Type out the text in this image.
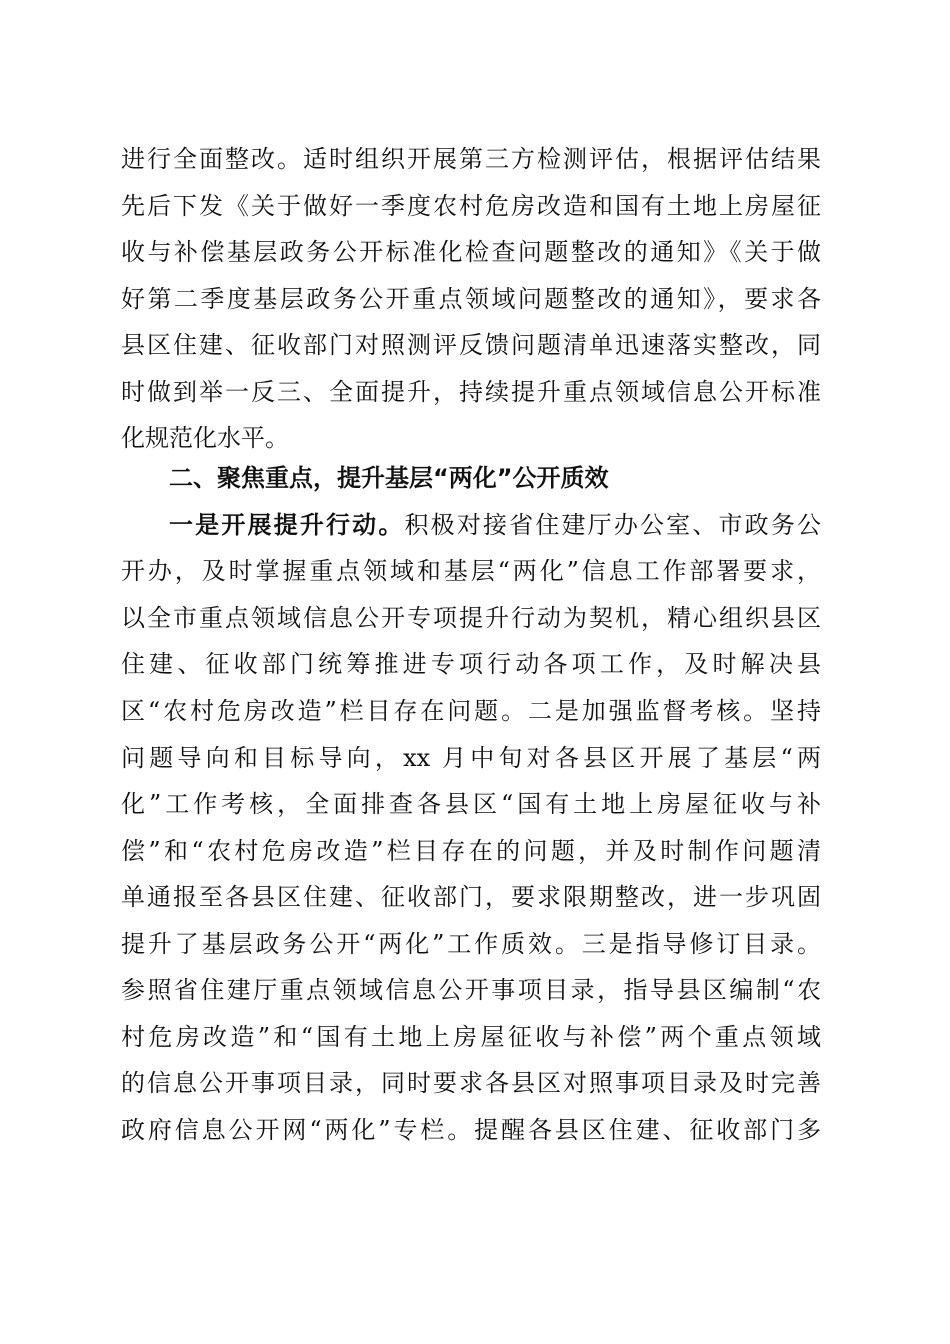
进行全面整改。适时组织开展第三方检测评估，根据评估结果
先后下发《关于做好一季度农村危房改造和国有土地上房屋征
收与补偿基层政务公开标准化检查问题整改的通知》《关于做
好第二季度基层政务公开重点领域问题整改的通知》，要求各
县区住建、征收部门对照测评反馈问题清单迅速落实整改，同
时做到举一反三、全面提升，持续提升重点领域信息公开标准
化规范化水平。
二、聚焦重点，提升基层“两化”公开质效
一是开展提升行动。积极对接省住建厅办公室、市政务公
开办，及时掌握重点领域和基层“两化”信息工作部署要求，
以全市重点领域信息公开专项提升行动为契机，精心组织县区
住建、征收部门统筹推进专项行动各项工作，及时解决县
区“农村危房改造”栏目存在问题。二是加强监督考核。坚持
问题导向和目标导向，xx 月中旬对各县区开展了基层“两
化”工作考核，全面排查各县区“国有土地上房屋征收与补
偿”和“农村危房改造”栏目存在的问题，并及时制作问题清
单通报至各县区住建、征收部门，要求限期整改，进一步巩固
提升了基层政务公开“两化”工作质效。三是指导修订目录。
参照省住建厅重点领域信息公开事项目录，指导县区编制“农
村危房改造”和“国有土地上房屋征收与补偿”两个重点领域
的信息公开事项目录，同时要求各县区对照事项目录及时完善
政府信息公开网“两化”专栏。提醒各县区住建、征收部门多
